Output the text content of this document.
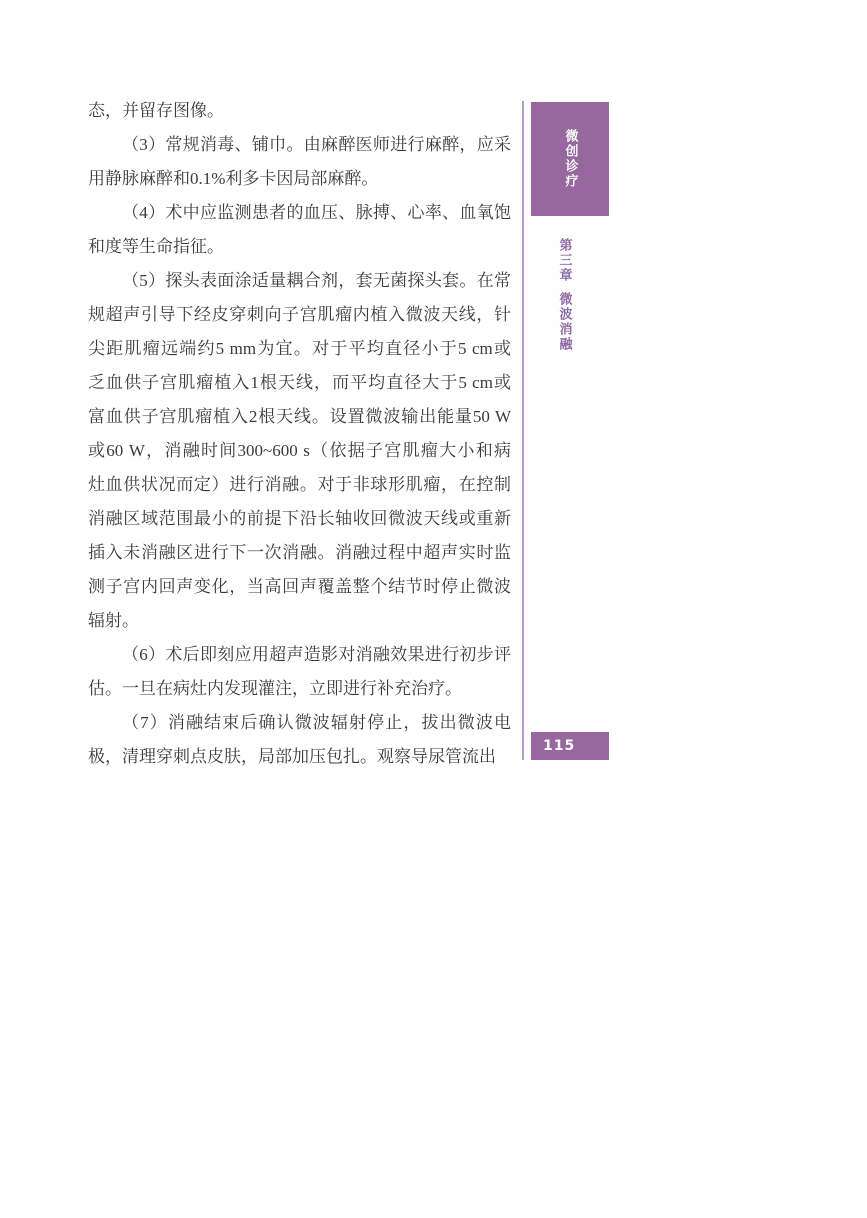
态，并留存图像。
（3）常规消毒、铺巾。由麻醉医师进行麻醉，应采
用静脉麻醉和0.1%利多卡因局部麻醉。
（4）术中应监测患者的血压、脉搏、心率、血氧饱
和度等生命指征。
（5）探头表面涂适量耦合剂，套无菌探头套。在常
规超声引导下经皮穿刺向子宫肌瘤内植入微波天线，针
尖距肌瘤远端约5 mm为宜。对于平均直径小于5 cm或
乏血供子宫肌瘤植入1根天线，而平均直径大于5 cm或
富血供子宫肌瘤植入2根天线。设置微波输出能量50 W
或60 W，消融时间300~600 s（依据子宫肌瘤大小和病
灶血供状况而定）进行消融。对于非球形肌瘤，在控制
消融区域范围最小的前提下沿长轴收回微波天线或重新
插入未消融区进行下一次消融。消融过程中超声实时监
测子宫内回声变化，当高回声覆盖整个结节时停止微波
辐射。
（6）术后即刻应用超声造影对消融效果进行初步评
估。一旦在病灶内发现灌注，立即进行补充治疗。
（7）消融结束后确认微波辐射停止，拔出微波电
极，清理穿刺点皮肤，局部加压包扎。观察导尿管流出
微创诊疗
第三章
微波消融
115
